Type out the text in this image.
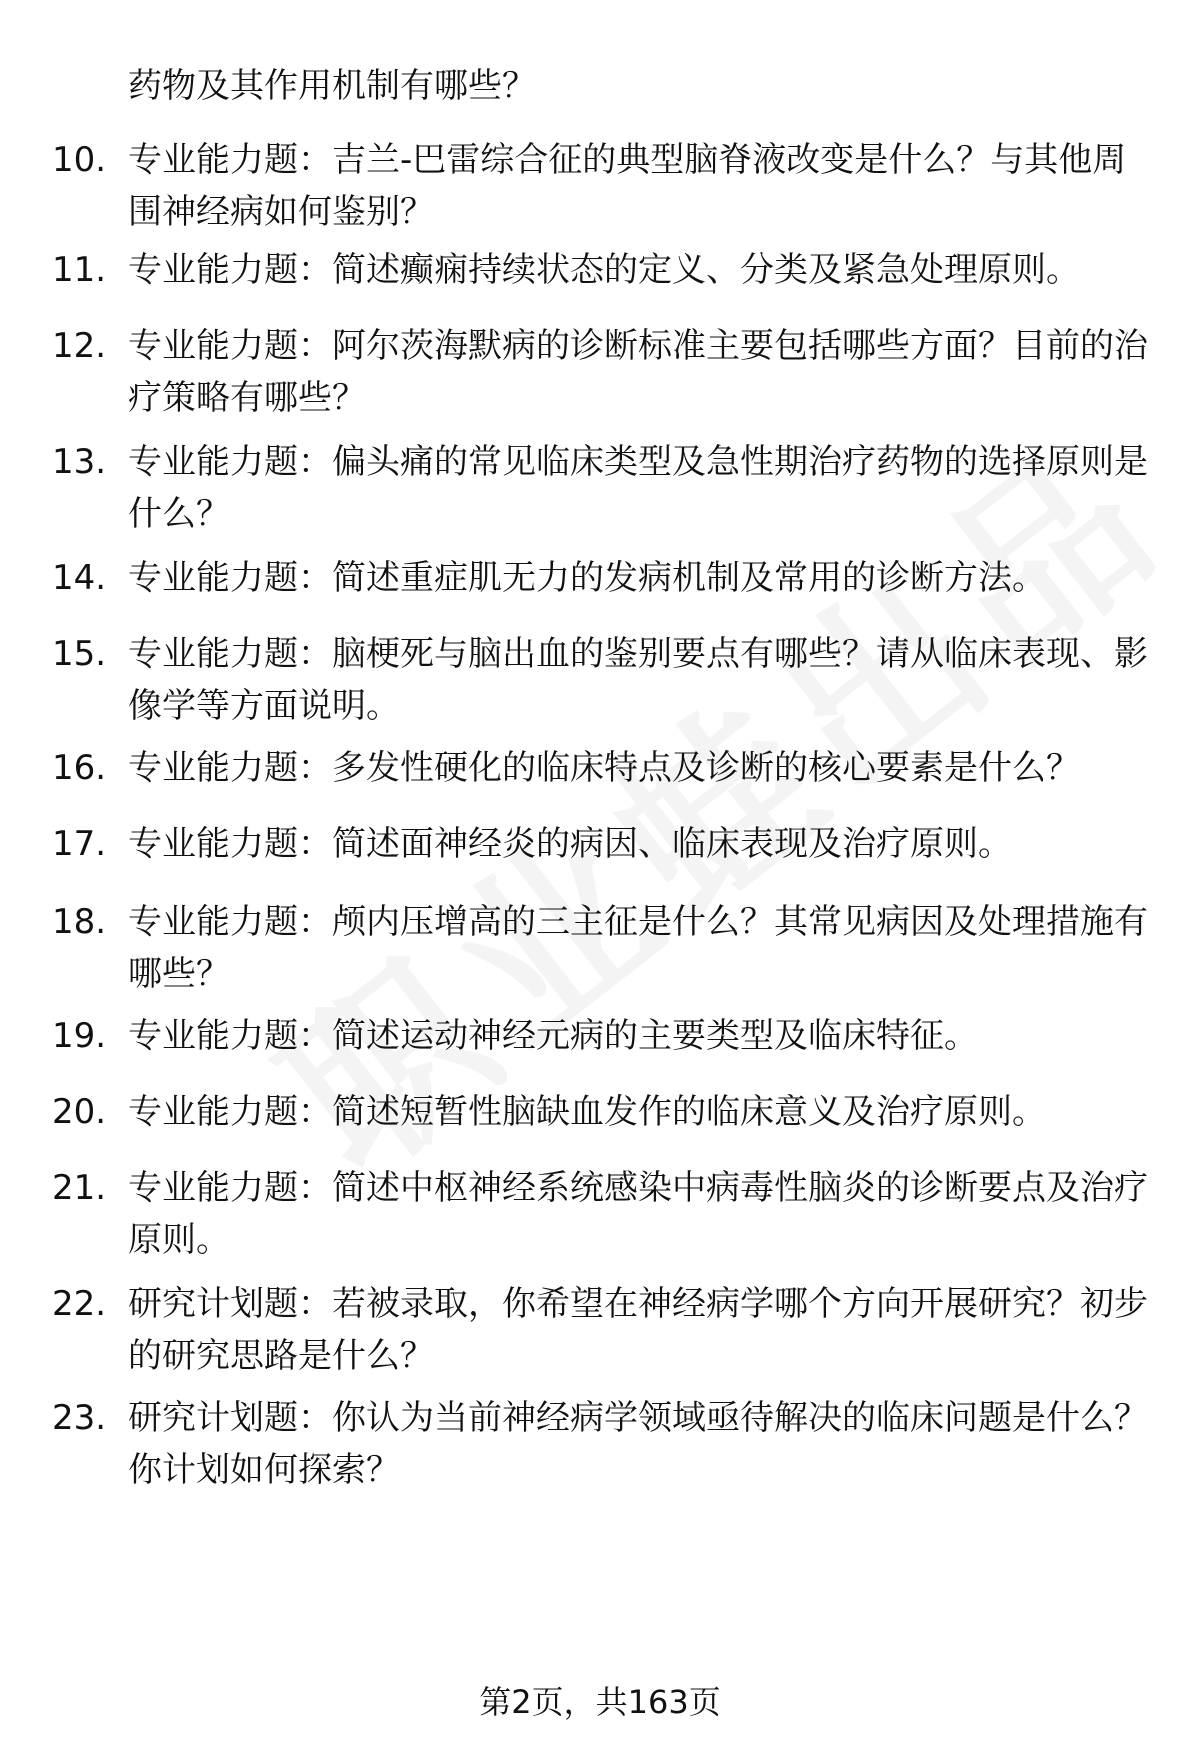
药物及其作用机制有哪些？
10. 专业能力题：吉兰-巴雷综合征的典型脑脊液改变是什么？与其他周围神经病如何鉴别？
11. 专业能力题：简述癫痫持续状态的定义、分类及紧急处理原则。
12. 专业能力题：阿尔茨海默病的诊断标准主要包括哪些方面？目前的治疗策略有哪些？
13. 专业能力题：偏头痛的常见临床类型及急性期治疗药物的选择原则是什么？
14. 专业能力题：简述重症肌无力的发病机制及常用的诊断方法。
15. 专业能力题：脑梗死与脑出血的鉴别要点有哪些？请从临床表现、影像学等方面说明。
16. 专业能力题：多发性硬化的临床特点及诊断的核心要素是什么？
17. 专业能力题：简述面神经炎的病因、临床表现及治疗原则。
18. 专业能力题：颅内压增高的三主征是什么？其常见病因及处理措施有哪些？
19. 专业能力题：简述运动神经元病的主要类型及临床特征。
20. 专业能力题：简述短暂性脑缺血发作的临床意义及治疗原则。
21. 专业能力题：简述中枢神经系统感染中病毒性脑炎的诊断要点及治疗原则。
22. 研究计划题：若被录取，你希望在神经病学哪个方向开展研究？初步的研究思路是什么？
23. 研究计划题：你认为当前神经病学领域亟待解决的临床问题是什么？你计划如何探索？
第2页，共163页
